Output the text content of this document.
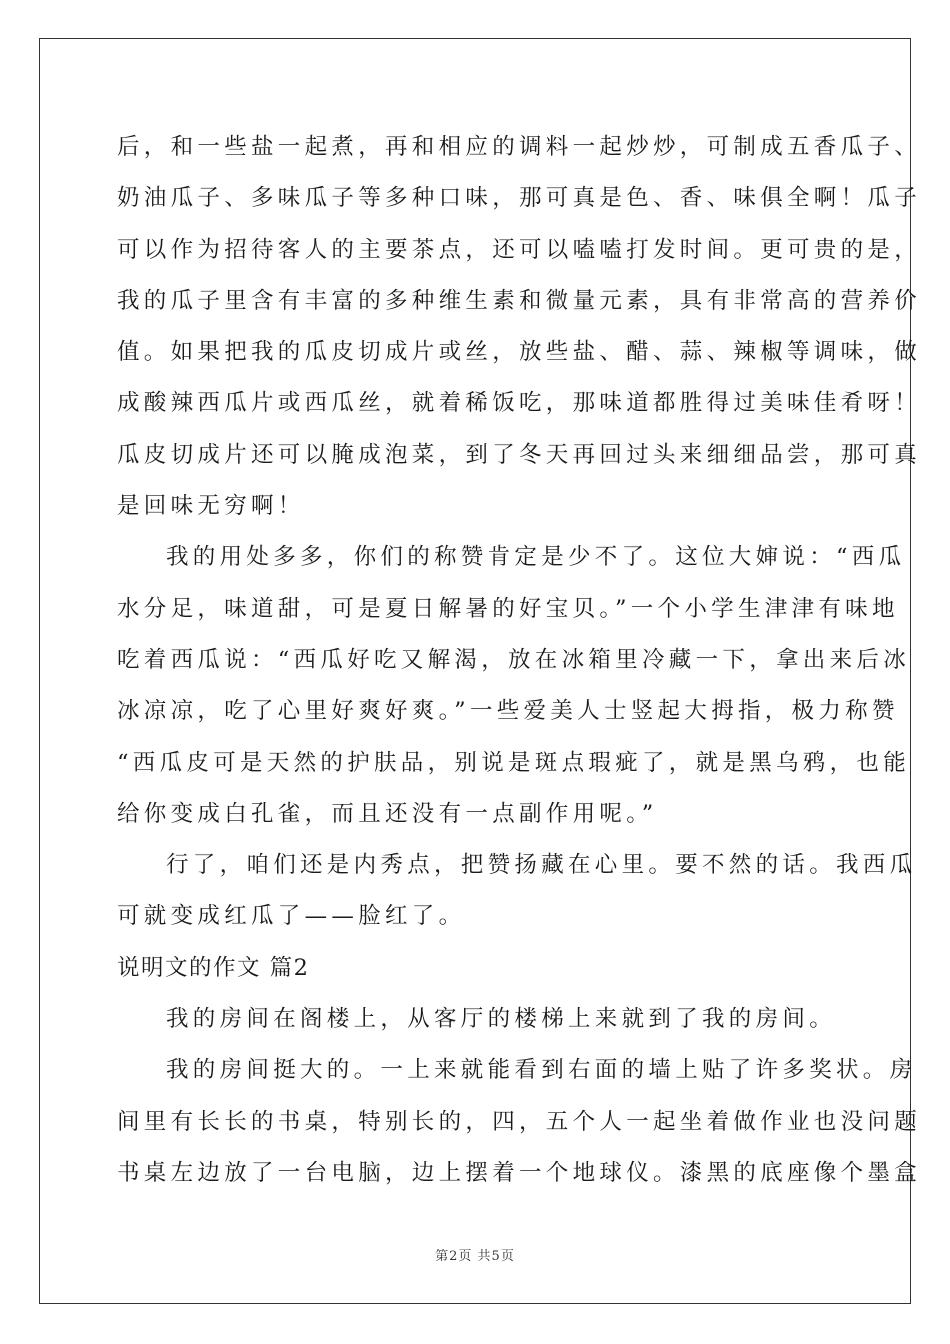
后，和一些盐一起煮，再和相应的调料一起炒炒，可制成五香瓜子、
奶油瓜子、多味瓜子等多种口味，那可真是色、香、味俱全啊！瓜子
可以作为招待客人的主要茶点，还可以嗑嗑打发时间。更可贵的是，
我的瓜子里含有丰富的多种维生素和微量元素，具有非常高的营养价
值。如果把我的瓜皮切成片或丝，放些盐、醋、蒜、辣椒等调味，做
成酸辣西瓜片或西瓜丝，就着稀饭吃，那味道都胜得过美味佳肴呀！
瓜皮切成片还可以腌成泡菜，到了冬天再回过头来细细品尝，那可真
是回味无穷啊！
我的用处多多，你们的称赞肯定是少不了。这位大婶说：“西瓜
水分足，味道甜，可是夏日解暑的好宝贝。”一个小学生津津有味地
吃着西瓜说：“西瓜好吃又解渴，放在冰箱里冷藏一下，拿出来后冰
冰凉凉，吃了心里好爽好爽。”一些爱美人士竖起大拇指，极力称赞
“西瓜皮可是天然的护肤品，别说是斑点瑕疵了，就是黑乌鸦，也能
给你变成白孔雀，而且还没有一点副作用呢。”
行了，咱们还是内秀点，把赞扬藏在心里。要不然的话。我西瓜
可就变成红瓜了——脸红了。
说明文的作文 篇2
我的房间在阁楼上，从客厅的楼梯上来就到了我的房间。
我的房间挺大的。一上来就能看到右面的墙上贴了许多奖状。房
间里有长长的书桌，特别长的，四，五个人一起坐着做作业也没问题
书桌左边放了一台电脑，边上摆着一个地球仪。漆黑的底座像个墨盒
第2页 共5页
